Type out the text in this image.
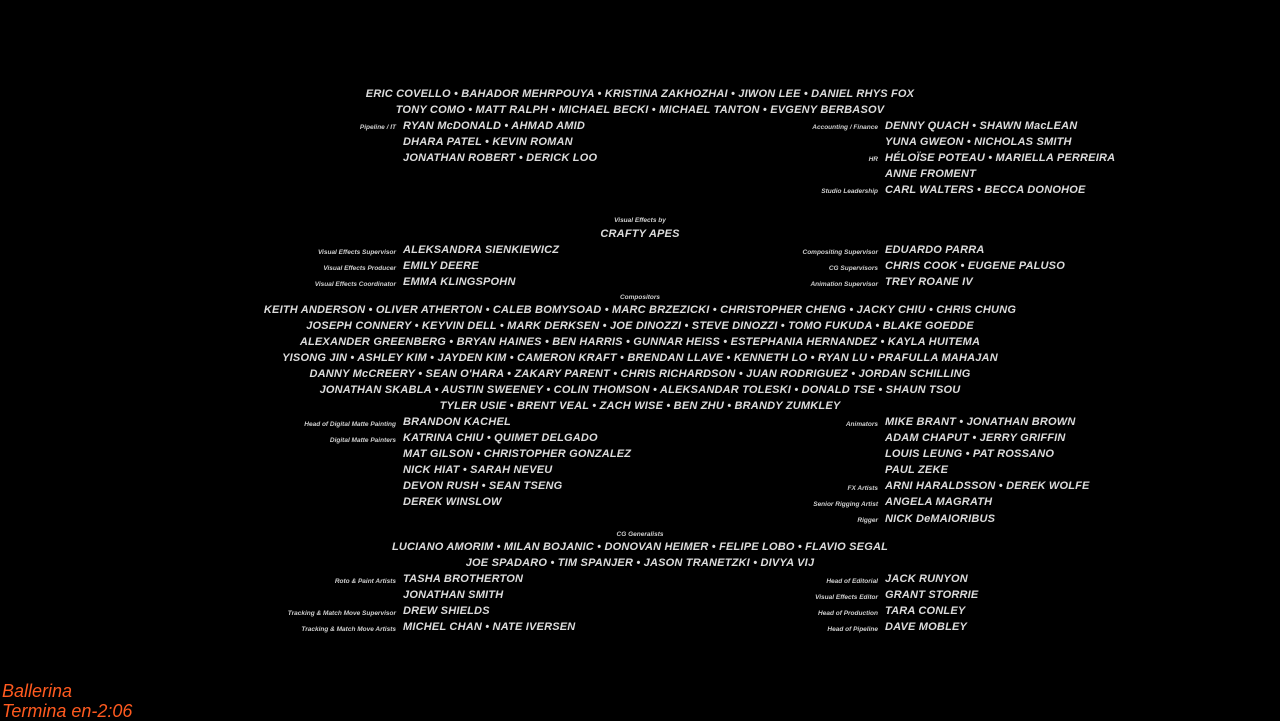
ERIC COVELLO • BAHADOR MEHRPOUYA • KRISTINA ZAKHOZHAI • JIWON LEE • DANIEL RHYS FOX
TONY COMO • MATT RALPH • MICHAEL BECKI • MICHAEL TANTON • EVGENY BERBASOV
Pipeline / IT RYAN McDONALD • AHMAD AMID	Accounting / Finance DENNY QUACH • SHAWN MacLEAN
DHARA PATEL • KEVIN ROMAN	YUNA GWEON • NICHOLAS SMITH
JONATHAN ROBERT • DERICK LOO	HR HÉLOÏSE POTEAU • MARIELLA PERREIRA
ANNE FROMENT
Studio Leadership CARL WALTERS • BECCA DONOHOE
Visual Effects by
CRAFTY APES
Visual Effects Supervisor ALEKSANDRA SIENKIEWICZ	Compositing Supervisor EDUARDO PARRA
Visual Effects Producer EMILY DEERE	CG Supervisors CHRIS COOK • EUGENE PALUSO
Visual Effects Coordinator EMMA KLINGSPOHN	Animation Supervisor TREY ROANE IV
Compositors
KEITH ANDERSON • OLIVER ATHERTON • CALEB BOMYSOAD • MARC BRZEZICKI • CHRISTOPHER CHENG • JACKY CHIU • CHRIS CHUNG
JOSEPH CONNERY • KEYVIN DELL • MARK DERKSEN • JOE DINOZZI • STEVE DINOZZI • TOMO FUKUDA • BLAKE GOEDDE
ALEXANDER GREENBERG • BRYAN HAINES • BEN HARRIS • GUNNAR HEISS • ESTEPHANIA HERNANDEZ • KAYLA HUITEMA
YISONG JIN • ASHLEY KIM • JAYDEN KIM • CAMERON KRAFT • BRENDAN LLAVE • KENNETH LO • RYAN LU • PRAFULLA MAHAJAN
DANNY McCREERY • SEAN O'HARA • ZAKARY PARENT • CHRIS RICHARDSON • JUAN RODRIGUEZ • JORDAN SCHILLING
JONATHAN SKABLA • AUSTIN SWEENEY • COLIN THOMSON • ALEKSANDAR TOLESKI • DONALD TSE • SHAUN TSOU
TYLER USIE • BRENT VEAL • ZACH WISE • BEN ZHU • BRANDY ZUMKLEY
Head of Digital Matte Painting BRANDON KACHEL	Animators MIKE BRANT • JONATHAN BROWN
Digital Matte Painters KATRINA CHIU • QUIMET DELGADO	ADAM CHAPUT • JERRY GRIFFIN
MAT GILSON • CHRISTOPHER GONZALEZ	LOUIS LEUNG • PAT ROSSANO
NICK HIAT • SARAH NEVEU	PAUL ZEKE
DEVON RUSH • SEAN TSENG	FX Artists ARNI HARALDSSON • DEREK WOLFE
DEREK WINSLOW	Senior Rigging Artist ANGELA MAGRATH
Rigger NICK DeMAIORIBUS
CG Generalists
LUCIANO AMORIM • MILAN BOJANIC • DONOVAN HEIMER • FELIPE LOBO • FLAVIO SEGAL
JOE SPADARO • TIM SPANJER • JASON TRANETZKI • DIVYA VIJ
Roto & Paint Artists TASHA BROTHERTON	Head of Editorial JACK RUNYON
JONATHAN SMITH	Visual Effects Editor GRANT STORRIE
Tracking & Match Move Supervisor DREW SHIELDS	Head of Production TARA CONLEY
Tracking & Match Move Artists MICHEL CHAN • NATE IVERSEN	Head of Pipeline DAVE MOBLEY
Ballerina
Termina en-2:06
